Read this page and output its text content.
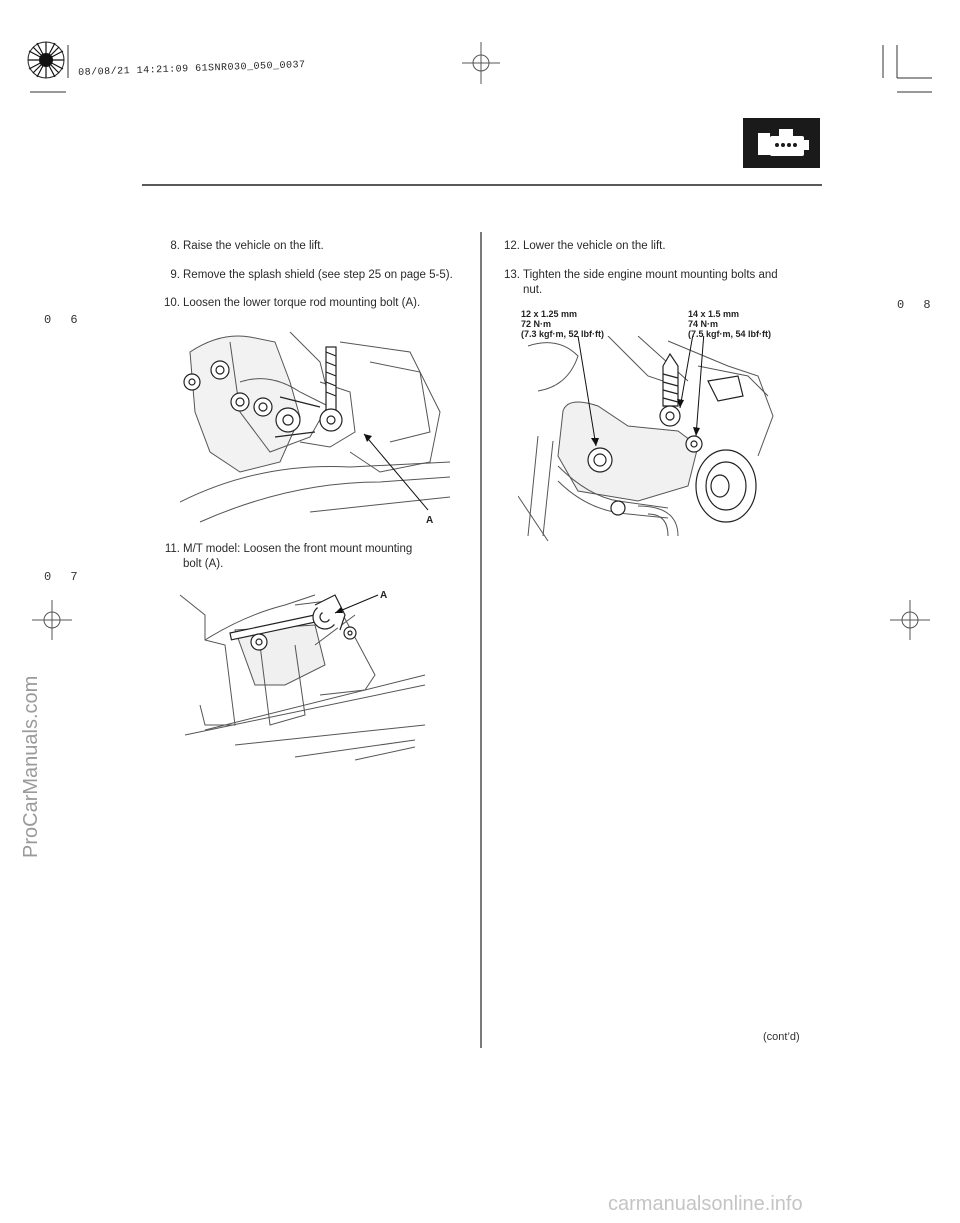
08/08/21 14:21:09 61SNR030_050_0037
0 6
0 7
0 8
ProCarManuals.com
8. Raise the vehicle on the lift.
9. Remove the splash shield (see step 25 on page 5-5).
10. Loosen the lower torque rod mounting bolt (A).
A
11. M/T model: Loosen the front mount mounting
bolt (A).
A
12. Lower the vehicle on the lift.
13. Tighten the side engine mount mounting bolts and
nut.
12 x 1.25 mm
72 N·m
(7.3 kgf·m, 52 lbf·ft)
14 x 1.5 mm
74 N·m
(7.5 kgf·m, 54 lbf·ft)
(cont’d)
carmanualsonline.info
